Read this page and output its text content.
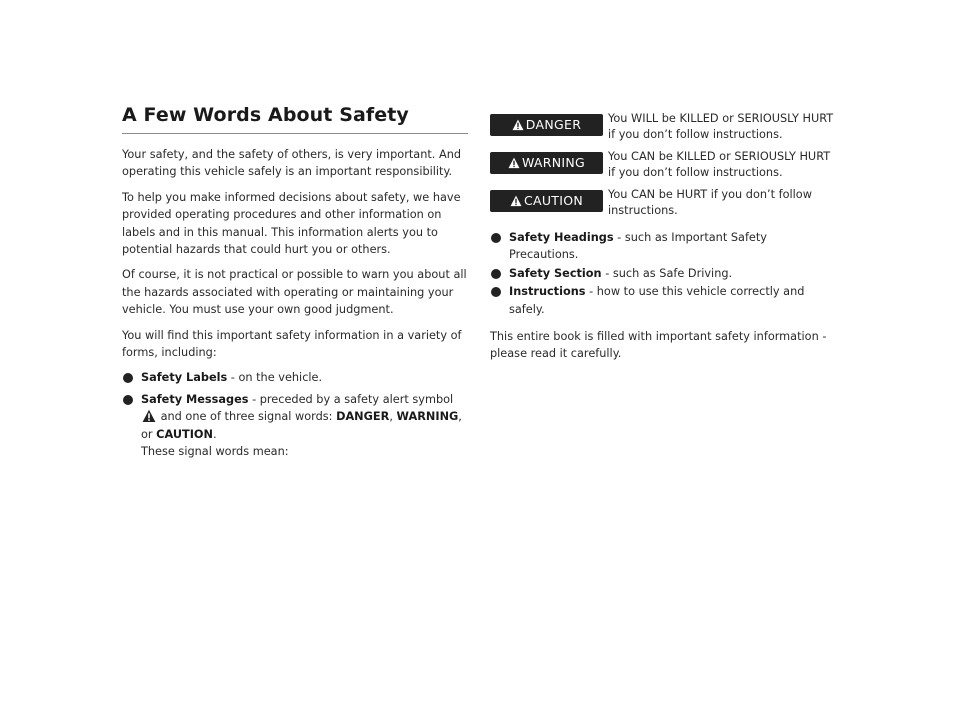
A Few Words About Safety

Your safety, and the safety of others, is very important. And operating this vehicle safely is an important responsibility.

To help you make informed decisions about safety, we have provided operating procedures and other information on labels and in this manual. This information alerts you to potential hazards that could hurt you or others.

Of course, it is not practical or possible to warn you about all the hazards associated with operating or maintaining your vehicle. You must use your own good judgment.

You will find this important safety information in a variety of forms, including:

Safety Labels - on the vehicle.
Safety Messages - preceded by a safety alert symbol  and one of three signal words: DANGER, WARNING, or CAUTION.
These signal words mean:
DANGER You WILL be KILLED or SERIOUSLY HURT if you don’t follow instructions.
WARNING You CAN be KILLED or SERIOUSLY HURT if you don’t follow instructions.
CAUTION You CAN be HURT if you don’t follow instructions.
Safety Headings - such as Important Safety Precautions.
Safety Section - such as Safe Driving.
Instructions - how to use this vehicle correctly and safely.

This entire book is filled with important safety information - please read it carefully.
